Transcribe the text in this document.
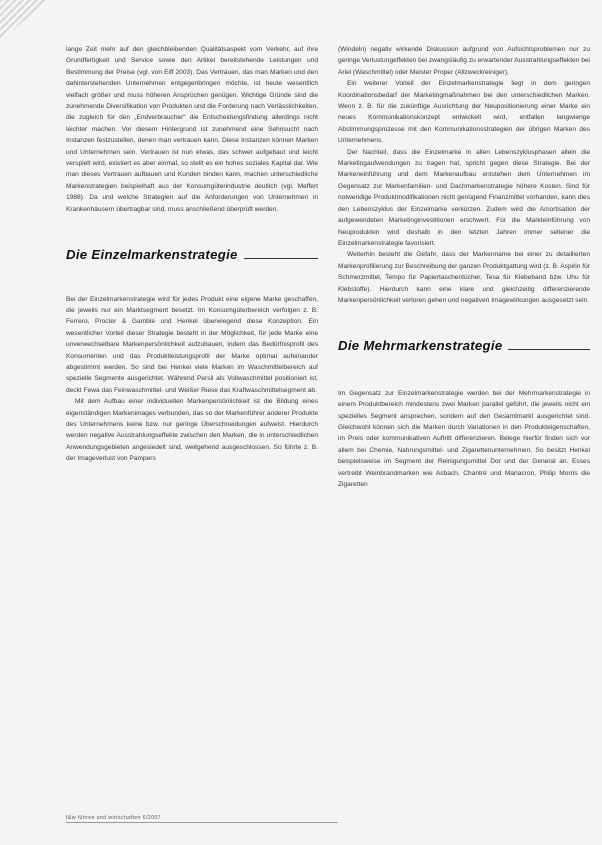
lange Zeit mehr auf den gleichbleibenden Qualitätsaspekt vom Verkehr, auf ihre Grundfertigkeit und Service sowie den Artikel bereitstehende Leistungen und Bestimmung der Preise (vgl. von Eiff 2003). Das Vertrauen, das man Marken und den dahinterstehenden Unternehmen entgegenbringen möchte, ist heute wesentlich vielfach größer und muss höheren Ansprüchen genügen. Wichtige Gründe sind die zunehmende Diversifikation von Produkten und die Forderung nach Verlässlichkeiten, die zugleich für den „Endverbraucher“ die Entscheidungsfindung allerdings nicht leichter machen. Vor diesem Hintergrund ist zunehmend eine Sehnsucht nach Instanzen festzustellen, denen man vertrauen kann. Diese Instanzen können Marken und Unternehmen sein. Vertrauen ist nun etwas, das schwer aufgebaut und leicht verspielt wird, existiert es aber einmal, so stellt es ein hohes soziales Kapital dar. Wie man dieses Vertrauen aufbauen und Kunden binden kann, machen unterschiedliche Markenstrategien beispielhaft aus der Konsumgüterindustrie deutlich (vgl. Meffert 1988). Da und welche Strategien auf die Anforderungen von Unternehmen in Krankenhäusern übertragbar sind, muss anschließend überprüft werden.

Die Einzelmarkenstrategie

Bei der Einzelmarkenstrategie wird für jedes Produkt eine eigene Marke geschaffen, die jeweils nur ein Marktsegment besetzt. Im Konsumgüterbereich verfolgen z. B. Ferrero, Procter & Gamble und Henkel überwiegend diese Konzeption. Ein wesentlicher Vorteil dieser Strategie besteht in der Möglichkeit, für jede Marke eine unverwechselbare Markenpersönlichkeit aufzubauen, indem das Bedürfnisprofil des Konsumenten und das Produktleistungsprofil der Marke optimal aufeinander abgestimmt werden. So sind bei Henkel viele Marken im Waschmittelbereich auf spezielle Segmente ausgerichtet. Während Persil als Vollwaschmittel positioniert ist, deckt Fewa das Feinwaschmittel- und Weißer Riese das Kraftwaschmittelsegment ab.

Mit dem Aufbau einer individuellen Markenpersönlichkeit ist die Bildung eines eigenständigen Markenimages verbunden, das so der Markenführer anderer Produkte des Unternehmens keine bzw. nur geringe Überschneidungen aufweist. Hierdurch werden negative Ausstrahlungseffekte zwischen den Marken, die in unterschiedlichen Anwendungsgebieten angesiedelt sind, weitgehend ausgeschlossen. So führte z. B. der Imageverlust von Pampers

(Windeln) negativ wirkende Diskussion aufgrund von Aufsichtsproblemen nur zu geringe Verlustungeffekten bei zwangsläufig zu erwartender Ausstrahlungseffekten bei Ariel (Waschmittel) oder Meister Proper (Allzweckreiniger).

Ein weiterer Vorteil der Einzelmarkenstrategie liegt in dem geringen Koordinationsbedarf der Marketingmaßnahmen bei den unterschiedlichen Marken. Wenn z. B. für die zukünftige Ausrichtung der Neupositionierung einer Marke ein neues Kommunikationskonzept entwickelt wird, entfallen langwierige Abstimmungsprozesse mit den Kommunikationsstrategien der übrigen Marken des Unternehmens.

Der Nachteil, dass die Einzelmarke in allen Lebenszyklusphasen allein die Marketingaufwendungen zu tragen hat, spricht gegen diese Strategie. Bei der Markeneinführung und dem Markenaufbau entstehen dem Unternehmen im Gegensatz zur Markenfamilien- und Dachmarkenstrategie höhere Kosten. Sind für notwendige Produktmodifikationen nicht genügend Finanzmittel vorhanden, kann dies den Lebenszyklus der Einzelmarke verkürzen. Zudem wird die Amortisation der aufgewendeten Marketinginvestitionen erschwert. Für die Markteinführung von Neuprodukten wird deshalb in den letzten Jahren immer seltener die Einzelmarkenstrategie favorisiert.

Weiterhin besteht die Gefahr, dass der Markenname bei einer zu detaillierten Markenprofilierung zur Beschreibung der ganzen Produktgattung wird (z. B. Aspirin für Schmerzmittel, Tempo für Papiertaschentücher, Tesa für Klebeband bzw. Uhu für Klebstoffe). Hierdurch kann eine klare und gleichzeitig differenzierende Markenpersönlichkeit verloren gehen und negativen Imagewirkungen ausgesetzt sein.

Die Mehrmarkenstrategie

Im Gegensatz zur Einzelmarkenstrategie werden bei der Mehrmarkenstrategie in einem Produktbereich mindestens zwei Marken parallel geführt, die jeweils nicht ein spezielles Segment ansprechen, sondern auf den Gesamtmarkt ausgerichtet sind. Gleichwohl können sich die Marken durch Variationen in den Produkteigenschaften, im Preis oder kommunikativen Auftritt differenzieren. Belege hierfür finden sich vor allem bei Chemie, Nahrungsmittel- und Zigarettenunternehmen. So besitzt Henkel beispielsweise im Segment der Reinigungsmittel Dor und der General an. Esses vertreibt Weinbrandmarken wie Asbach, Chantré und Mariacron, Philip Morris die Zigaretten

f&w führen und wirtschaften 6/2007
